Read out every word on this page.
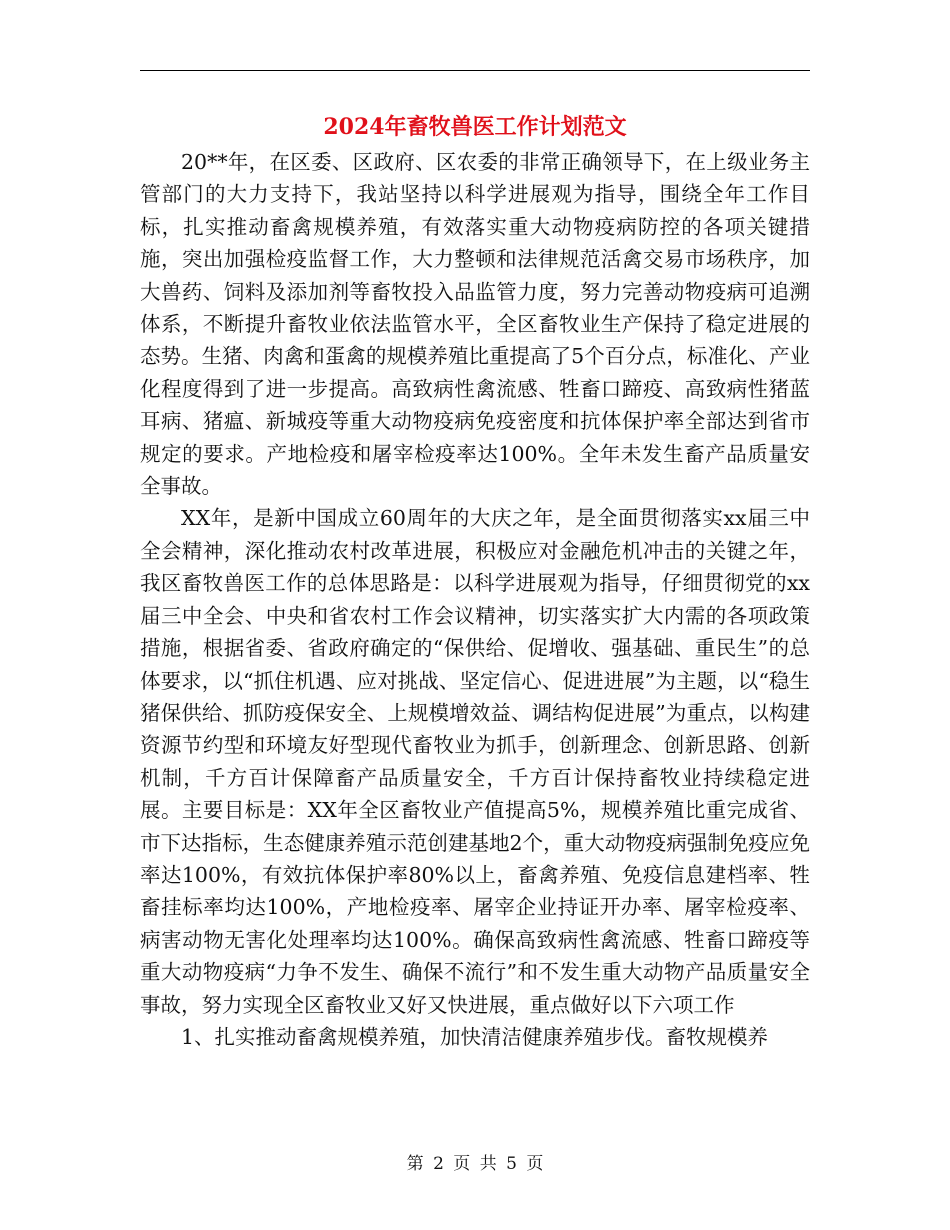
2024年畜牧兽医工作计划范文

20**年，在区委、区政府、区农委的非常正确领导下，在上级业务主管部门的大力支持下，我站坚持以科学进展观为指导，围绕全年工作目标，扎实推动畜禽规模养殖，有效落实重大动物疫病防控的各项关键措施，突出加强检疫监督工作，大力整顿和法律规范活禽交易市场秩序，加大兽药、饲料及添加剂等畜牧投入品监管力度，努力完善动物疫病可追溯体系，不断提升畜牧业依法监管水平，全区畜牧业生产保持了稳定进展的态势。生猪、肉禽和蛋禽的规模养殖比重提高了5个百分点，标准化、产业化程度得到了进一步提高。高致病性禽流感、牲畜口蹄疫、高致病性猪蓝耳病、猪瘟、新城疫等重大动物疫病免疫密度和抗体保护率全部达到省市规定的要求。产地检疫和屠宰检疫率达100%。全年未发生畜产品质量安全事故。

XX年，是新中国成立60周年的大庆之年，是全面贯彻落实xx届三中全会精神，深化推动农村改革进展，积极应对金融危机冲击的关键之年，我区畜牧兽医工作的总体思路是：以科学进展观为指导，仔细贯彻党的xx届三中全会、中央和省农村工作会议精神，切实落实扩大内需的各项政策措施，根据省委、省政府确定的“保供给、促增收、强基础、重民生”的总体要求，以“抓住机遇、应对挑战、坚定信心、促进进展”为主题，以“稳生猪保供给、抓防疫保安全、上规模增效益、调结构促进展”为重点，以构建资源节约型和环境友好型现代畜牧业为抓手，创新理念、创新思路、创新机制，千方百计保障畜产品质量安全，千方百计保持畜牧业持续稳定进展。主要目标是：XX年全区畜牧业产值提高5%，规模养殖比重完成省、市下达指标，生态健康养殖示范创建基地2个，重大动物疫病强制免疫应免率达100%，有效抗体保护率80%以上，畜禽养殖、免疫信息建档率、牲畜挂标率均达100%，产地检疫率、屠宰企业持证开办率、屠宰检疫率、病害动物无害化处理率均达100%。确保高致病性禽流感、牲畜口蹄疫等重大动物疫病“力争不发生、确保不流行”和不发生重大动物产品质量安全事故，努力实现全区畜牧业又好又快进展，重点做好以下六项工作

1、扎实推动畜禽规模养殖，加快清洁健康养殖步伐。畜牧规模养

第 2 页 共 5 页
